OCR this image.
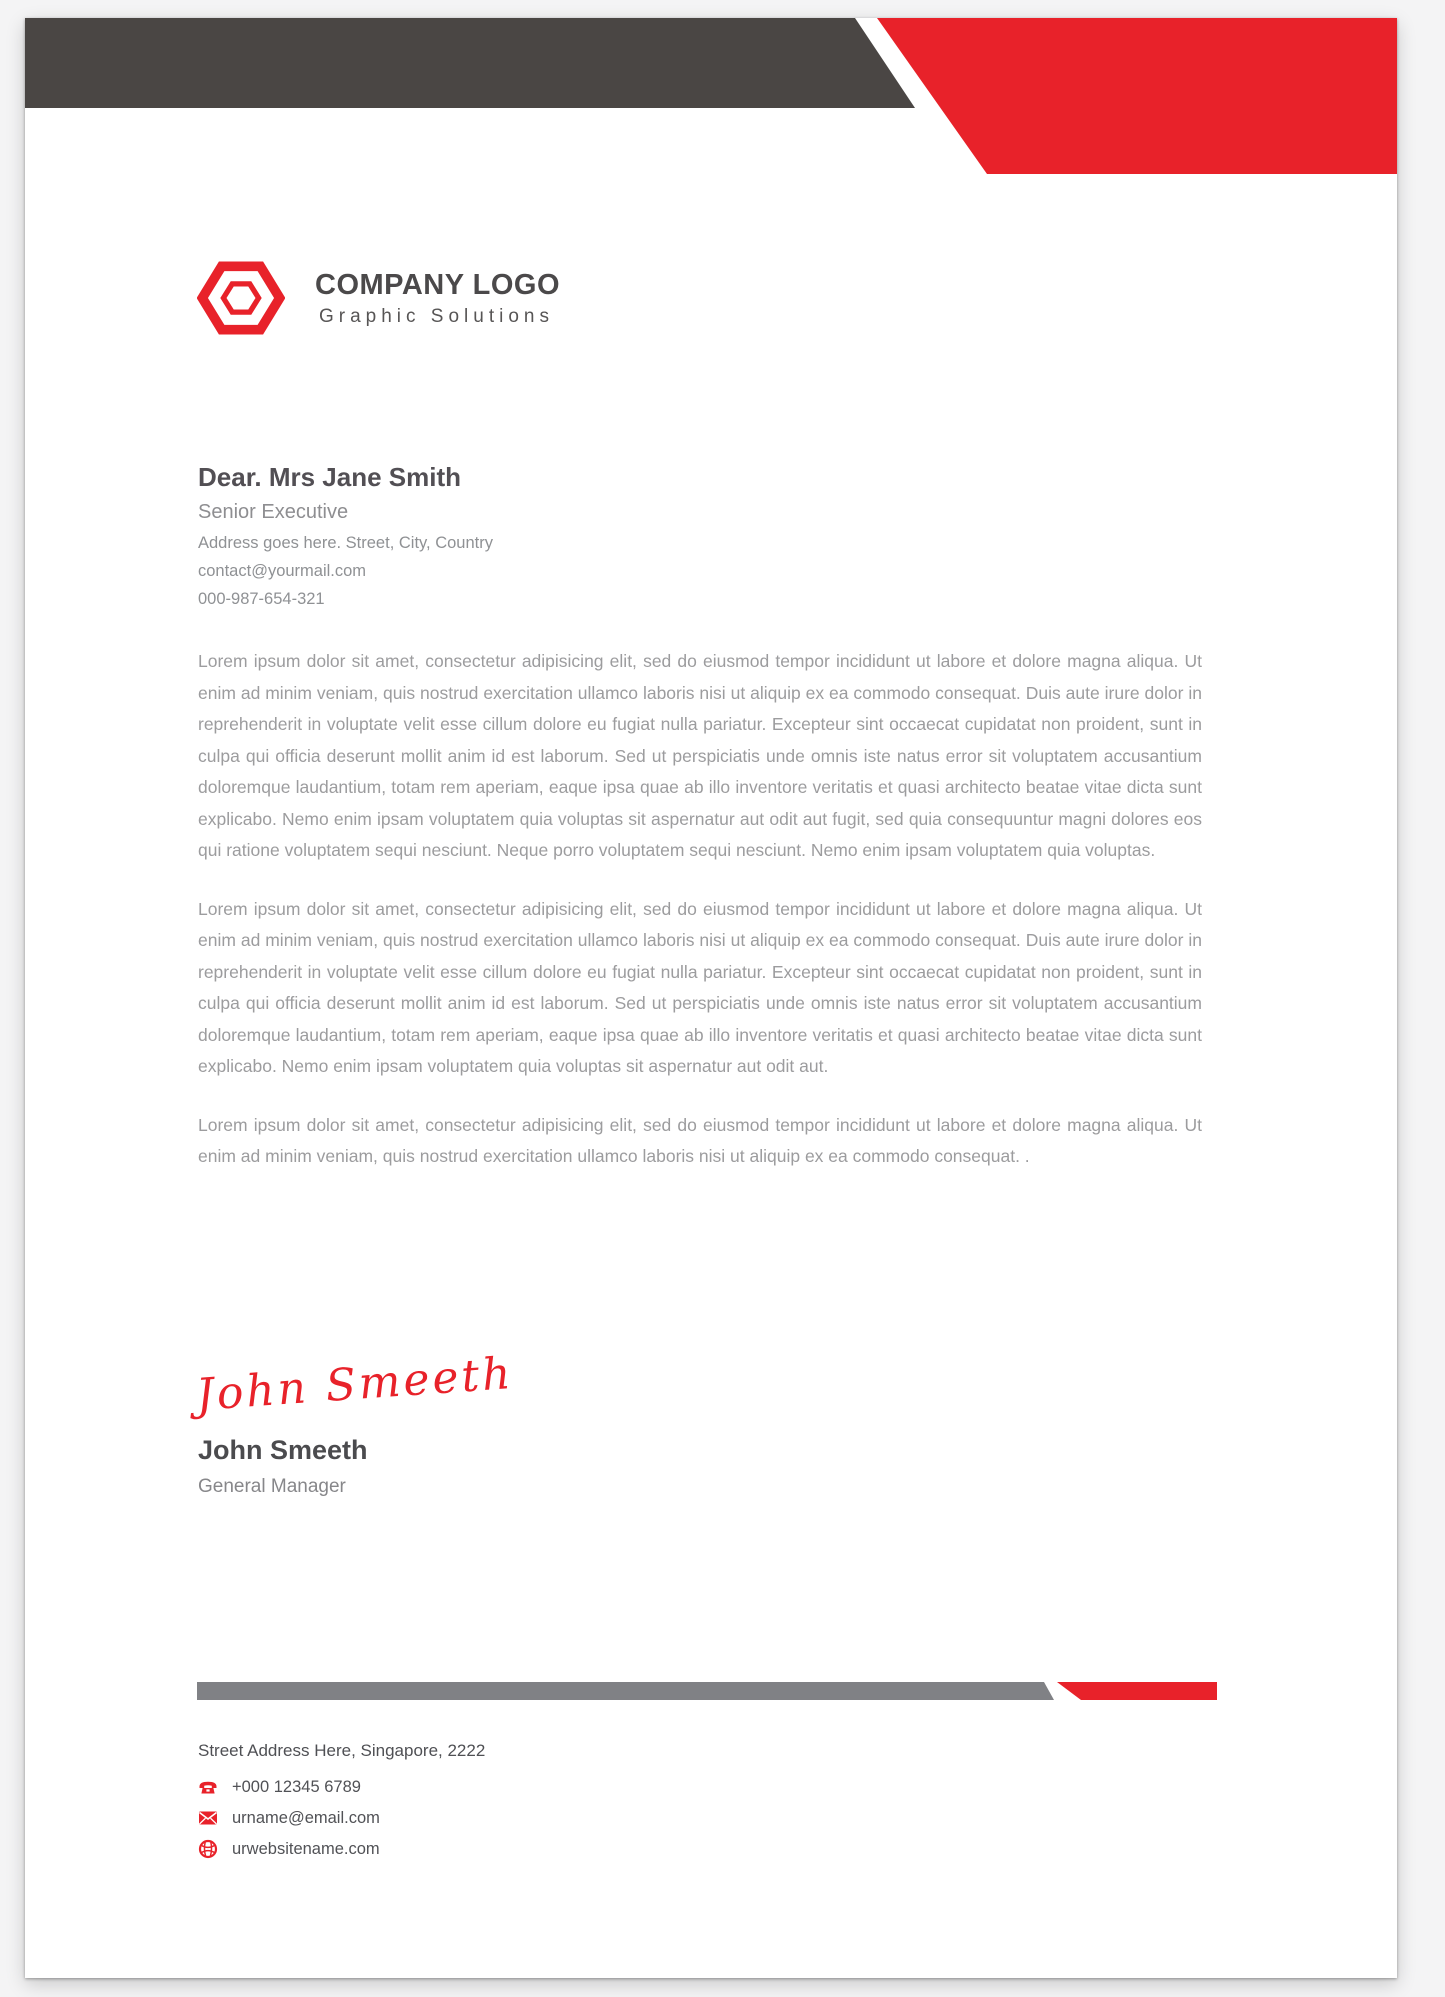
COMPANY LOGO
Graphic Solutions
Dear. Mrs Jane Smith
Senior Executive
Address goes here. Street, City, Country
contact@yourmail.com
000-987-654-321

Lorem ipsum dolor sit amet, consectetur adipisicing elit, sed do eiusmod tempor incididunt ut labore et dolore magna aliqua. Ut enim ad minim veniam, quis nostrud exercitation ullamco laboris nisi ut aliquip ex ea commodo consequat. Duis aute irure dolor in reprehenderit in voluptate velit esse cillum dolore eu fugiat nulla pariatur. Excepteur sint occaecat cupidatat non proident, sunt in culpa qui officia deserunt mollit anim id est laborum. Sed ut perspiciatis unde omnis iste natus error sit voluptatem accusantium doloremque laudantium, totam rem aperiam, eaque ipsa quae ab illo inventore veritatis et quasi architecto beatae vitae dicta sunt explicabo. Nemo enim ipsam voluptatem quia voluptas sit aspernatur aut odit aut fugit, sed quia consequuntur magni dolores eos qui ratione voluptatem sequi nesciunt. Neque porro voluptatem sequi nesciunt. Nemo enim ipsam voluptatem quia voluptas.

Lorem ipsum dolor sit amet, consectetur adipisicing elit, sed do eiusmod tempor incididunt ut labore et dolore magna aliqua. Ut enim ad minim veniam, quis nostrud exercitation ullamco laboris nisi ut aliquip ex ea commodo consequat. Duis aute irure dolor in reprehenderit in voluptate velit esse cillum dolore eu fugiat nulla pariatur. Excepteur sint occaecat cupidatat non proident, sunt in culpa qui officia deserunt mollit anim id est laborum. Sed ut perspiciatis unde omnis iste natus error sit voluptatem accusantium doloremque laudantium, totam rem aperiam, eaque ipsa quae ab illo inventore veritatis et quasi architecto beatae vitae dicta sunt explicabo. Nemo enim ipsam voluptatem quia voluptas sit aspernatur aut odit aut.

Lorem ipsum dolor sit amet, consectetur adipisicing elit, sed do eiusmod tempor incididunt ut labore et dolore magna aliqua. Ut enim ad minim veniam, quis nostrud exercitation ullamco laboris nisi ut aliquip ex ea commodo consequat. .

John Smeeth
John Smeeth
General Manager
Street Address Here, Singapore, 2222
+000 12345 6789
urname@email.com
urwebsitename.com
